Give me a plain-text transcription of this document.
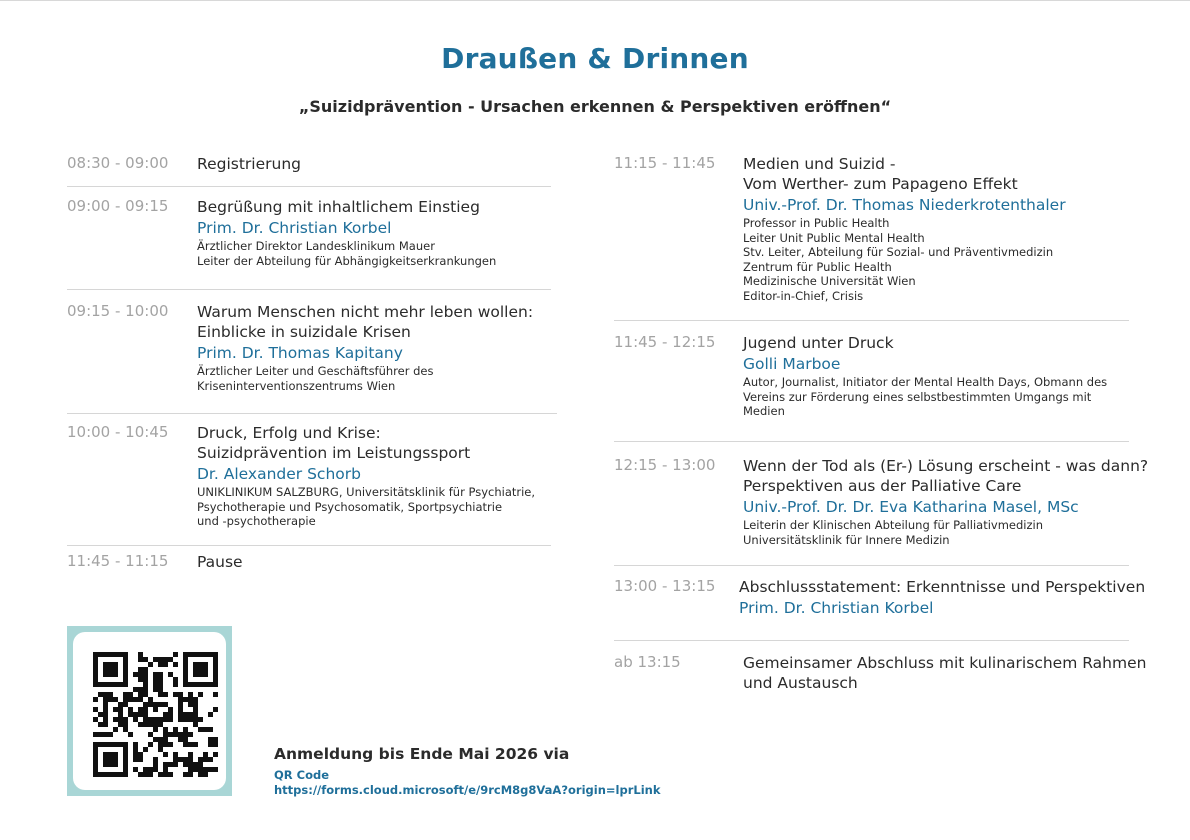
Draußen & Drinnen
„Suizidprävention - Ursachen erkennen & Perspektiven eröffnen“
08:30 - 09:00 Registrierung
09:00 - 09:15 Begrüßung mit inhaltlichem Einstieg
Prim. Dr. Christian Korbel
Ärztlicher Direktor Landesklinikum Mauer
Leiter der Abteilung für Abhängigkeitserkrankungen
09:15 - 10:00 Warum Menschen nicht mehr leben wollen:
Einblicke in suizidale Krisen
Prim. Dr. Thomas Kapitany
Ärztlicher Leiter und Geschäftsführer des
Kriseninterventionszentrums Wien
10:00 - 10:45 Druck, Erfolg und Krise:
Suizidprävention im Leistungssport
Dr. Alexander Schorb
UNIKLINIKUM SALZBURG, Universitätsklinik für Psychiatrie,
Psychotherapie und Psychosomatik, Sportpsychiatrie
und -psychotherapie
11:45 - 11:15 Pause
11:15 - 11:45 Medien und Suizid -
Vom Werther- zum Papageno Effekt
Univ.-Prof. Dr. Thomas Niederkrotenthaler
Professor in Public Health
Leiter Unit Public Mental Health
Stv. Leiter, Abteilung für Sozial- und Präventivmedizin
Zentrum für Public Health
Medizinische Universität Wien
Editor-in-Chief, Crisis
11:45 - 12:15 Jugend unter Druck
Golli Marboe
Autor, Journalist, Initiator der Mental Health Days, Obmann des
Vereins zur Förderung eines selbstbestimmten Umgangs mit
Medien
12:15 - 13:00 Wenn der Tod als (Er-) Lösung erscheint - was dann?
Perspektiven aus der Palliative Care
Univ.-Prof. Dr. Dr. Eva Katharina Masel, MSc
Leiterin der Klinischen Abteilung für Palliativmedizin
Universitätsklinik für Innere Medizin
13:00 - 13:15 Abschlussstatement: Erkenntnisse und Perspektiven
Prim. Dr. Christian Korbel
ab 13:15	Gemeinsamer Abschluss mit kulinarischem Rahmen
und Austausch
Anmeldung bis Ende Mai 2026 via
QR Code
https://forms.cloud.microsoft/e/9rcM8g8VaA?origin=lprLink
